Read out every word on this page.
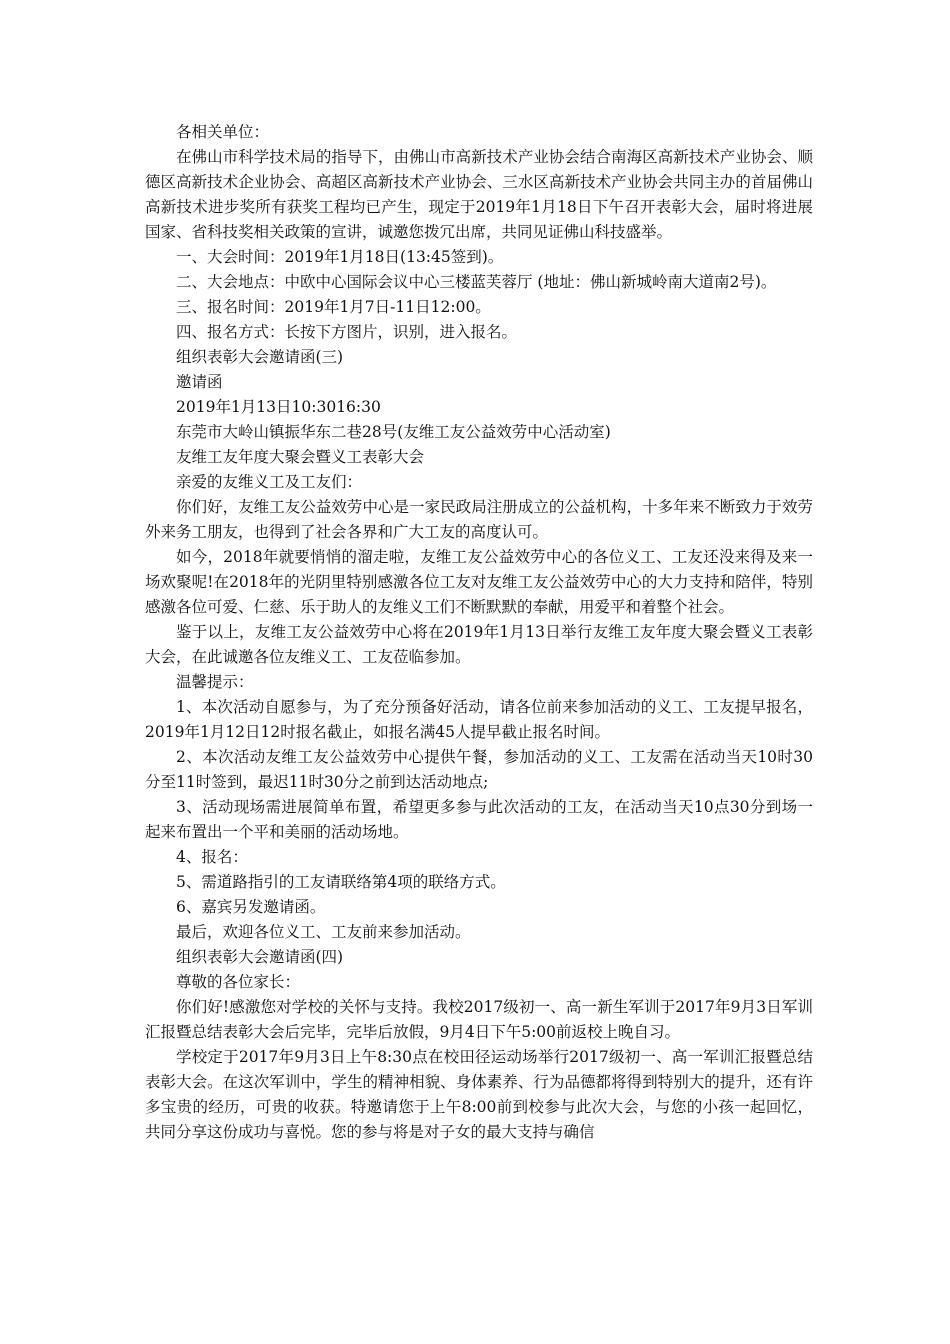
各相关单位：

在佛山市科学技术局的指导下，由佛山市高新技术产业协会结合南海区高新技术产业协会、顺德区高新技术企业协会、高超区高新技术产业协会、三水区高新技术产业协会共同主办的首届佛山高新技术进步奖所有获奖工程均已产生，现定于2019年1月18日下午召开表彰大会，届时将进展国家、省科技奖相关政策的宣讲，诚邀您拨冗出席，共同见证佛山科技盛举。

一、大会时间：2019年1月18日(13:45签到)。

二、大会地点：中欧中心国际会议中心三楼蓝芙蓉厅 (地址：佛山新城岭南大道南2号)。

三、报名时间：2019年1月7日-11日12:00。

四、报名方式：长按下方图片，识别，进入报名。

组织表彰大会邀请函(三)

邀请函

2019年1月13日10:3016:30

东莞市大岭山镇振华东二巷28号(友维工友公益效劳中心活动室)

友维工友年度大聚会暨义工表彰大会

亲爱的友维义工及工友们：

你们好，友维工友公益效劳中心是一家民政局注册成立的公益机构，十多年来不断致力于效劳外来务工朋友，也得到了社会各界和广大工友的高度认可。

如今，2018年就要悄悄的溜走啦，友维工友公益效劳中心的各位义工、工友还没来得及来一场欢聚呢!在2018年的光阴里特别感激各位工友对友维工友公益效劳中心的大力支持和陪伴，特别感激各位可爱、仁慈、乐于助人的友维义工们不断默默的奉献，用爱平和着整个社会。

鉴于以上，友维工友公益效劳中心将在2019年1月13日举行友维工友年度大聚会暨义工表彰大会，在此诚邀各位友维义工、工友莅临参加。

温馨提示：

1、本次活动自愿参与，为了充分预备好活动，请各位前来参加活动的义工、工友提早报名，2019年1月12日12时报名截止，如报名满45人提早截止报名时间。

2、本次活动友维工友公益效劳中心提供午餐，参加活动的义工、工友需在活动当天10时30分至11时签到，最迟11时30分之前到达活动地点;

3、活动现场需进展简单布置，希望更多参与此次活动的工友，在活动当天10点30分到场一起来布置出一个平和美丽的活动场地。

4、报名：

5、需道路指引的工友请联络第4项的联络方式。

6、嘉宾另发邀请函。

最后，欢迎各位义工、工友前来参加活动。

组织表彰大会邀请函(四)

尊敬的各位家长：

你们好!感激您对学校的关怀与支持。我校2017级初一、高一新生军训于2017年9月3日军训汇报暨总结表彰大会后完毕，完毕后放假，9月4日下午5:00前返校上晚自习。

学校定于2017年9月3日上午8:30点在校田径运动场举行2017级初一、高一军训汇报暨总结表彰大会。在这次军训中，学生的精神相貌、身体素养、行为品德都将得到特别大的提升，还有许多宝贵的经历，可贵的收获。特邀请您于上午8:00前到校参与此次大会，与您的小孩一起回忆，共同分享这份成功与喜悦。您的参与将是对子女的最大支持与确信
